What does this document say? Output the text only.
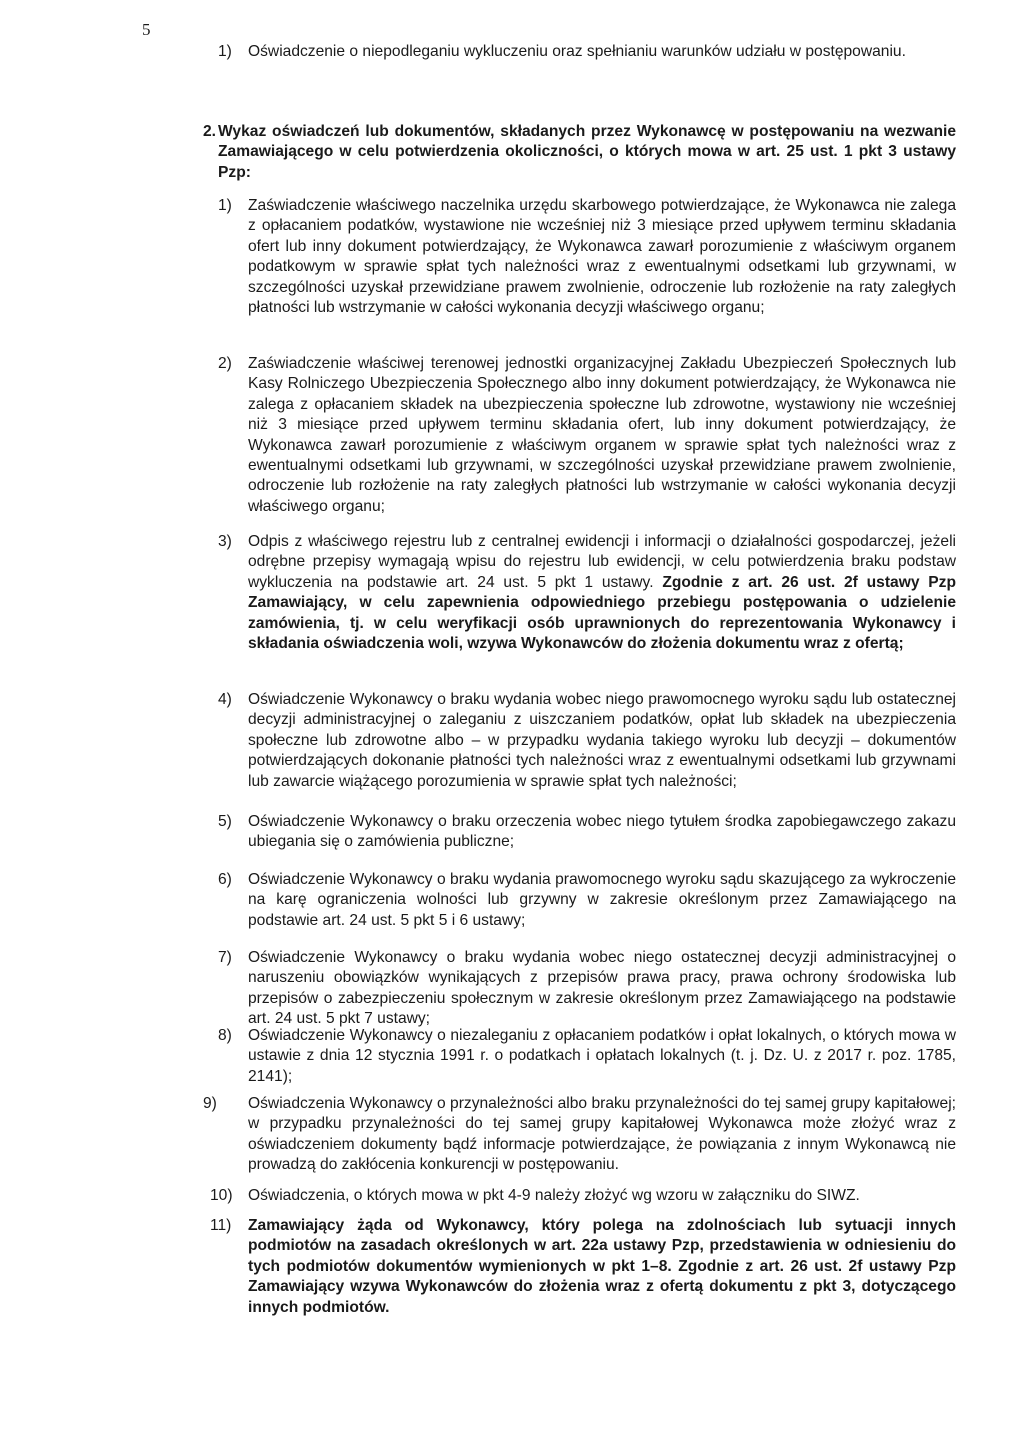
5
1) Oświadczenie o niepodleganiu wykluczeniu oraz spełnianiu warunków udziału w postępowaniu.

2. Wykaz oświadczeń lub dokumentów, składanych przez Wykonawcę w postępowaniu na wezwanie Zamawiającego w celu potwierdzenia okoliczności, o których mowa w art. 25 ust. 1 pkt 3 ustawy Pzp:

1) Zaświadczenie właściwego naczelnika urzędu skarbowego potwierdzające, że Wykonawca nie zalega z opłacaniem podatków, wystawione nie wcześniej niż 3 miesiące przed upływem terminu składania ofert lub inny dokument potwierdzający, że Wykonawca zawarł porozumienie z właściwym organem podatkowym w sprawie spłat tych należności wraz z ewentualnymi odsetkami lub grzywnami, w szczególności uzyskał przewidziane prawem zwolnienie, odroczenie lub rozłożenie na raty zaległych płatności lub wstrzymanie w całości wykonania decyzji właściwego organu;

2) Zaświadczenie właściwej terenowej jednostki organizacyjnej Zakładu Ubezpieczeń Społecznych lub Kasy Rolniczego Ubezpieczenia Społecznego albo inny dokument potwierdzający, że Wykonawca nie zalega z opłacaniem składek na ubezpieczenia społeczne lub zdrowotne, wystawiony nie wcześniej niż 3 miesiące przed upływem terminu składania ofert, lub inny dokument potwierdzający, że Wykonawca zawarł porozumienie z właściwym organem w sprawie spłat tych należności wraz z ewentualnymi odsetkami lub grzywnami, w szczególności uzyskał przewidziane prawem zwolnienie, odroczenie lub rozłożenie na raty zaległych płatności lub wstrzymanie w całości wykonania decyzji właściwego organu;

3) Odpis z właściwego rejestru lub z centralnej ewidencji i informacji o działalności gospodarczej, jeżeli odrębne przepisy wymagają wpisu do rejestru lub ewidencji, w celu potwierdzenia braku podstaw wykluczenia na podstawie art. 24 ust. 5 pkt 1 ustawy. Zgodnie z art. 26 ust. 2f ustawy Pzp Zamawiający, w celu zapewnienia odpowiedniego przebiegu postępowania o udzielenie zamówienia, tj. w celu weryfikacji osób uprawnionych do reprezentowania Wykonawcy i składania oświadczenia woli, wzywa Wykonawców do złożenia dokumentu wraz z ofertą;

4) Oświadczenie Wykonawcy o braku wydania wobec niego prawomocnego wyroku sądu lub ostatecznej decyzji administracyjnej o zaleganiu z uiszczaniem podatków, opłat lub składek na ubezpieczenia społeczne lub zdrowotne albo – w przypadku wydania takiego wyroku lub decyzji – dokumentów potwierdzających dokonanie płatności tych należności wraz z ewentualnymi odsetkami lub grzywnami lub zawarcie wiążącego porozumienia w sprawie spłat tych należności;

5) Oświadczenie Wykonawcy o braku orzeczenia wobec niego tytułem środka zapobiegawczego zakazu ubiegania się o zamówienia publiczne;

6) Oświadczenie Wykonawcy o braku wydania prawomocnego wyroku sądu skazującego za wykroczenie na karę ograniczenia wolności lub grzywny w zakresie określonym przez Zamawiającego na podstawie art. 24 ust. 5 pkt 5 i 6 ustawy;

7) Oświadczenie Wykonawcy o braku wydania wobec niego ostatecznej decyzji administracyjnej o naruszeniu obowiązków wynikających z przepisów prawa pracy, prawa ochrony środowiska lub przepisów o zabezpieczeniu społecznym w zakresie określonym przez Zamawiającego na podstawie art. 24 ust. 5 pkt 7 ustawy;

8) Oświadczenie Wykonawcy o niezaleganiu z opłacaniem podatków i opłat lokalnych, o których mowa w ustawie z dnia 12 stycznia 1991 r. o podatkach i opłatach lokalnych (t. j. Dz. U. z 2017 r. poz. 1785, 2141);

9) Oświadczenia Wykonawcy o przynależności albo braku przynależności do tej samej grupy kapitałowej; w przypadku przynależności do tej samej grupy kapitałowej Wykonawca może złożyć wraz z oświadczeniem dokumenty bądź informacje potwierdzające, że powiązania z innym Wykonawcą nie prowadzą do zakłócenia konkurencji w postępowaniu.

10) Oświadczenia, o których mowa w pkt 4-9 należy złożyć wg wzoru w załączniku do SIWZ.

11) Zamawiający żąda od Wykonawcy, który polega na zdolnościach lub sytuacji innych podmiotów na zasadach określonych w art. 22a ustawy Pzp, przedstawienia w odniesieniu do tych podmiotów dokumentów wymienionych w pkt 1–8. Zgodnie z art. 26 ust. 2f ustawy Pzp Zamawiający wzywa Wykonawców do złożenia wraz z ofertą dokumentu z pkt 3, dotyczącego innych podmiotów.
